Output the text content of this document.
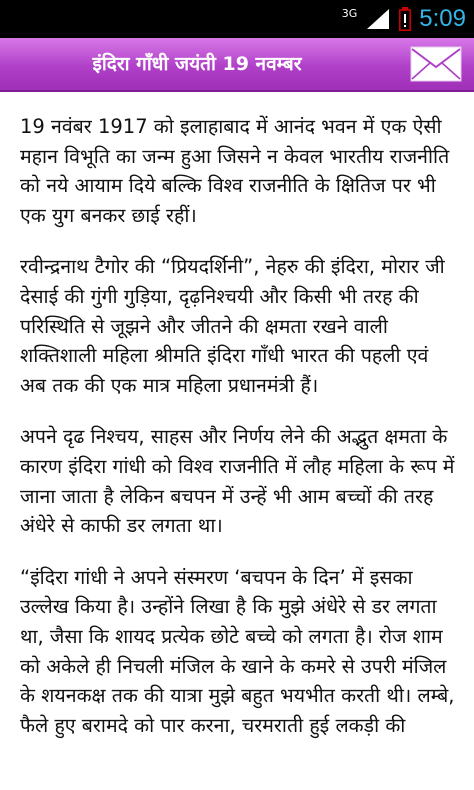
3G	5:09
इंदिरा गाँधी जयंती 19 नवम्बर

19 नवंबर 1917 को इलाहाबाद में आनंद भवन में एक ऐसी महान विभूति का जन्म हुआ जिसने न केवल भारतीय राजनीति को नये आयाम दिये बल्कि विश्व राजनीति के क्षितिज पर भी एक युग बनकर छाई रहीं।

रवीन्द्रनाथ टैगोर की “प्रियदर्शिनी”, नेहरु की इंदिरा, मोरार जी देसाई की गुंगी गुड़िया, दृढ़निश्चयी और किसी भी तरह की परिस्थिति से जूझने और जीतने की क्षमता रखने वाली शक्तिशाली महिला श्रीमति इंदिरा गाँधी भारत की पहली एवं अब तक की एक मात्र महिला प्रधानमंत्री हैं।

अपने दृढ निश्चय, साहस और निर्णय लेने की अद्भुत क्षमता के कारण इंदिरा गांधी को विश्व राजनीति में लौह महिला के रूप में जाना जाता है लेकिन बचपन में उन्हें भी आम बच्चों की तरह अंधेरे से काफी डर लगता था।

“इंदिरा गांधी ने अपने संस्मरण ‘बचपन के दिन’ में इसका उल्लेख किया है। उन्होंने लिखा है कि मुझे अंधेरे से डर लगता था, जैसा कि शायद प्रत्येक छोटे बच्चे को लगता है। रोज शाम को अकेले ही निचली मंजिल के खाने के कमरे से उपरी मंजिल के शयनकक्ष तक की यात्रा मुझे बहुत भयभीत करती थी। लम्बे, फैले हुए बरामदे को पार करना, चरमराती हुई लकड़ी की
